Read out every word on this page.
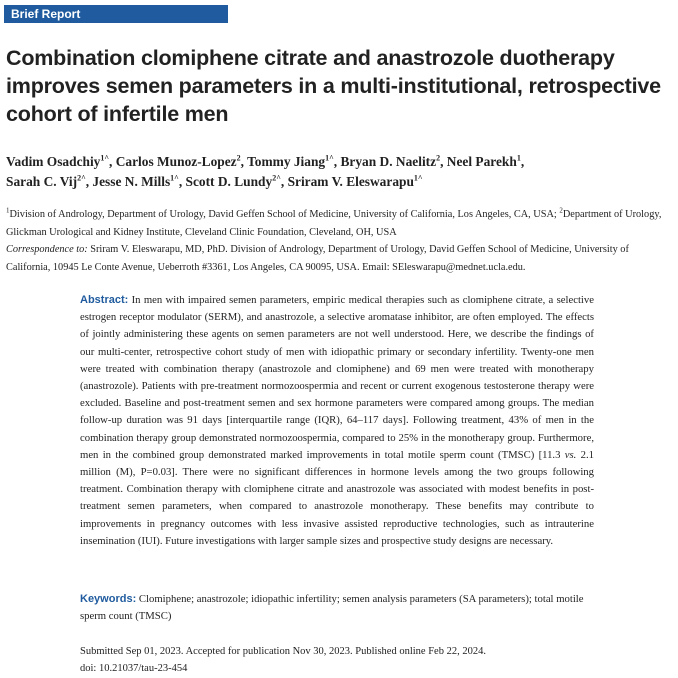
Brief Report
Combination clomiphene citrate and anastrozole duotherapy improves semen parameters in a multi-institutional, retrospective cohort of infertile men
Vadim Osadchiy$^{1\^{}}$, Carlos Munoz-Lopez$^2$, Tommy Jiang$^{1\^{}}$, Bryan D. Naelitz$^2$, Neel Parekh$^1$,
Sarah C. Vij$^{2\^{}}$, Jesse N. Mills$^{1\^{}}$, Scott D. Lundy$^{2\^{}}$, Sriram V. Eleswarapu$^{1\^{}}$
$^1$Division of Andrology, Department of Urology, David Geffen School of Medicine, University of California, Los Angeles, CA, USA; $^2$Department of Urology, Glickman Urological and Kidney Institute, Cleveland Clinic Foundation, Cleveland, OH, USA
Correspondence to: Sriram V. Eleswarapu, MD, PhD. Division of Andrology, Department of Urology, David Geffen School of Medicine, University of California, 10945 Le Conte Avenue, Ueberroth #3361, Los Angeles, CA 90095, USA. Email: SEleswarapu@mednet.ucla.edu.
Abstract: In men with impaired semen parameters, empiric medical therapies such as clomiphene citrate, a selective estrogen receptor modulator (SERM), and anastrozole, a selective aromatase inhibitor, are often employed. The effects of jointly administering these agents on semen parameters are not well understood. Here, we describe the findings of our multi-center, retrospective cohort study of men with idiopathic primary or secondary infertility. Twenty-one men were treated with combination therapy (anastrozole and clomiphene) and 69 men were treated with monotherapy (anastrozole). Patients with pre-treatment normozoospermia and recent or current exogenous testosterone therapy were excluded. Baseline and post-treatment semen and sex hormone parameters were compared among groups. The median follow-up duration was 91 days [interquartile range (IQR), 64–117 days]. Following treatment, 43% of men in the combination therapy group demonstrated normozoospermia, compared to 25% in the monotherapy group. Furthermore, men in the combined group demonstrated marked improvements in total motile sperm count (TMSC) [11.3 vs. 2.1 million (M), P=0.03]. There were no significant differences in hormone levels among the two groups following treatment. Combination therapy with clomiphene citrate and anastrozole was associated with modest benefits in post-treatment semen parameters, when compared to anastrozole monotherapy. These benefits may contribute to improvements in pregnancy outcomes with less invasive assisted reproductive technologies, such as intrauterine insemination (IUI). Future investigations with larger sample sizes and prospective study designs are necessary.
Keywords: Clomiphene; anastrozole; idiopathic infertility; semen analysis parameters (SA parameters); total motile sperm count (TMSC)
Submitted Sep 01, 2023. Accepted for publication Nov 30, 2023. Published online Feb 22, 2024.
doi: 10.21037/tau-23-454
